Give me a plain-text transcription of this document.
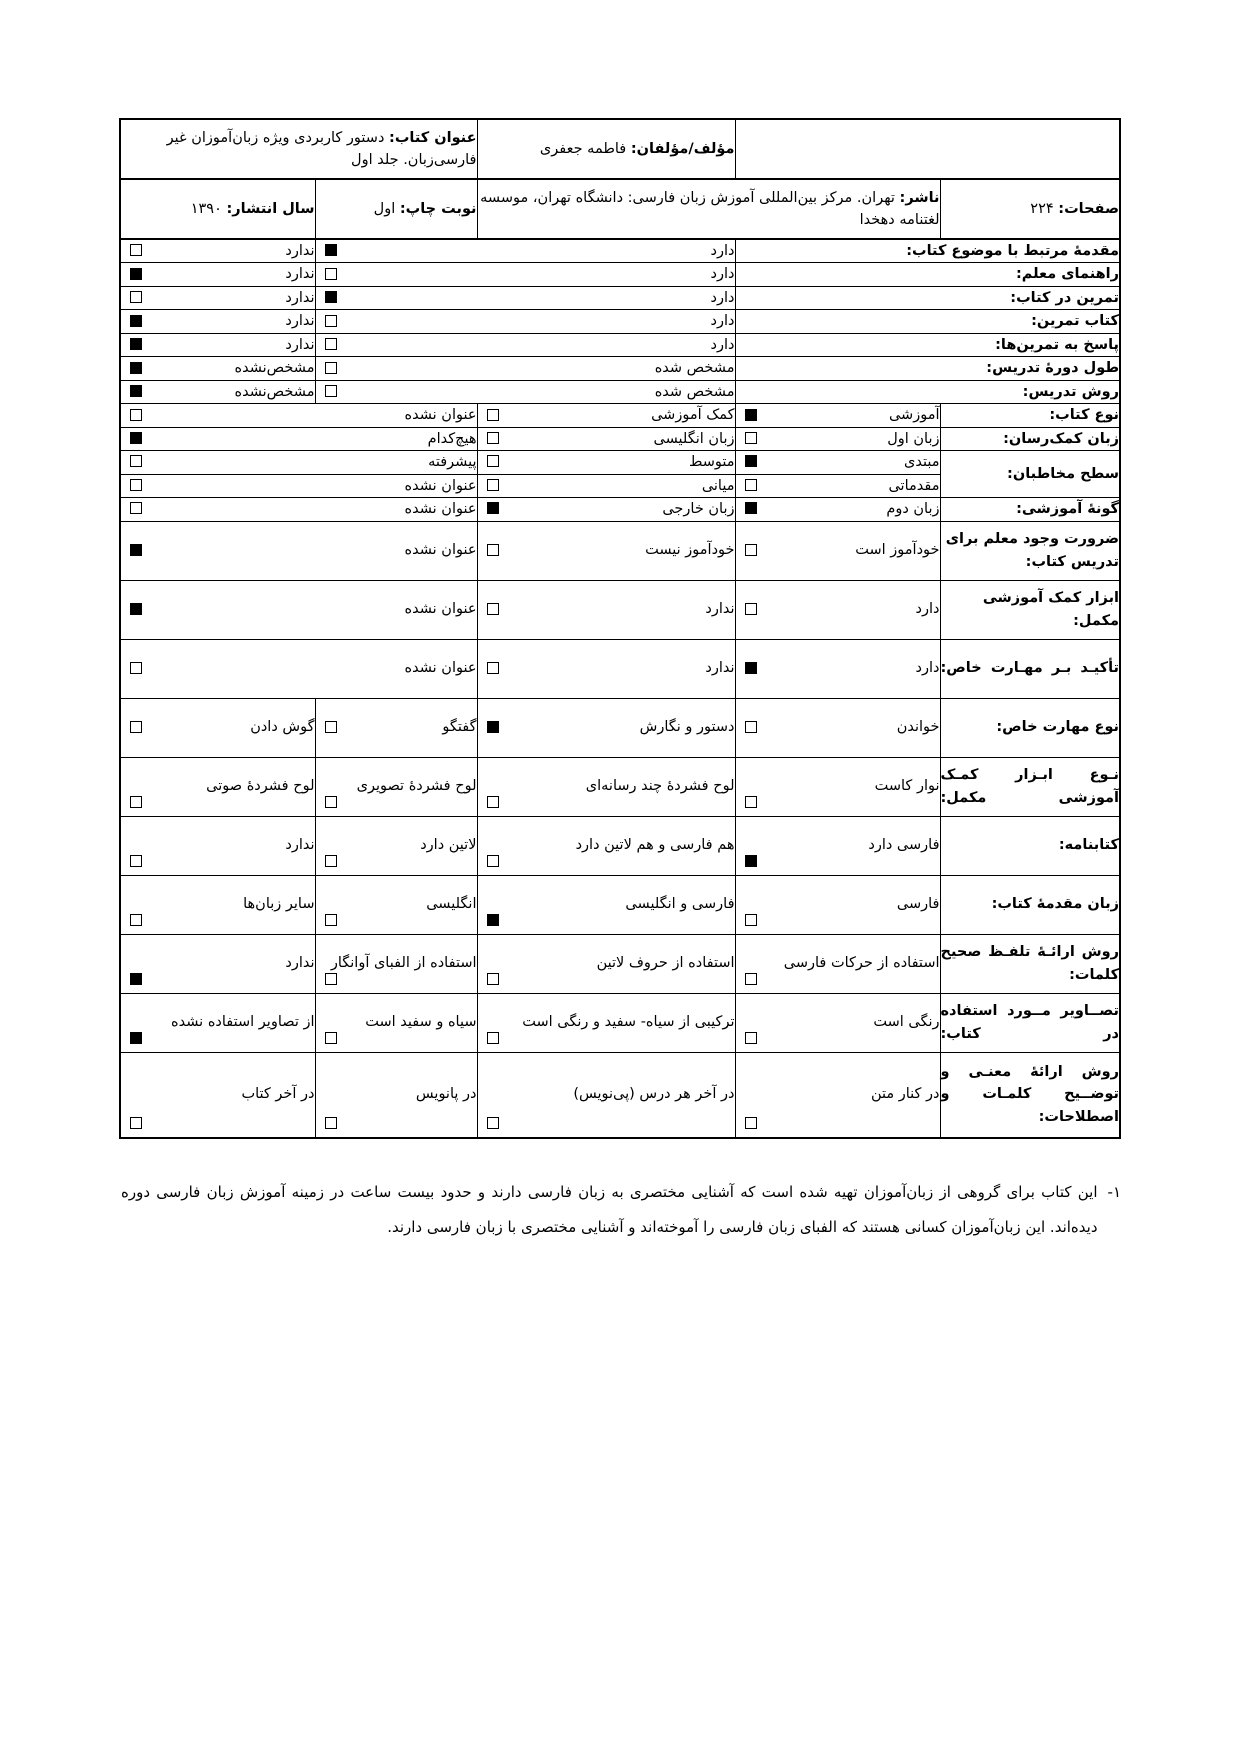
		مؤلف/مؤلفان: فاطمه جعفری	عنوان کتاب: دستور کاربردی ویژه زبان‌آموزان غیر فارسی‌زبان. جلد اول	
صفحات: ۲۲۴	ناشر: تهران. مرکز بین‌المللی آموزش زبان فارسی: دانشگاه تهران، موسسه لغتنامه دهخدا		نوبت چاپ: اول	سال انتشار: ۱۳۹۰
مقدمهٔ مرتبط با موضوع کتاب:		دارد		ندارد

راهنمای معلم:		دارد		ندارد

تمرین در کتاب:		دارد		ندارد

کتاب تمرین:		دارد		ندارد

پاسخ به تمرین‌ها:		دارد		ندارد

طول دورهٔ تدریس:		مشخص شده		مشخص‌نشده

روش تدریس:		مشخص شده		مشخص‌نشده

نوع کتاب:	آموزشی	کمک آموزشی	عنوان نشده	

زبان کمک‌رسان:	زبان اول	زبان انگلیسی	هیچ‌کدام	

سطح مخاطبان:	مبتدی	متوسط	پیشرفته	

	مقدماتی	میانی	عنوان نشده	

گونهٔ آموزشی:	زبان دوم	زبان خارجی	عنوان نشده	

ضرورت وجود معلم برای تدریس کتاب:	خودآموز است	خودآموز نیست	عنوان نشده	

ابزار کمک آموزشی مکمل:	دارد	ندارد	عنوان نشده	

تأکیـد بـر مهـارت خاص:	دارد	ندارد	عنوان نشده	

نوع مهارت خاص:	خواندن	دستور و نگارش	گفتگو	گوش دادن

نـوع ابـزار کمـک آموزشی مکمل:	نوار کاست	لوح فشردهٔ چند رسانه‌ای	لوح فشردهٔ تصویری	لوح فشردهٔ صوتی

کتابنامه:	فارسی دارد	هم فارسی و هم لاتین دارد	لاتین دارد	ندارد

زبان مقدمهٔ کتاب:	فارسی	فارسی و انگلیسی	انگلیسی	سایر زبان‌ها

روش ارائـهٔ تلفـظ صحیح کلمات:	استفاده از حرکات فارسی	استفاده از حروف لاتین	استفاده از الفبای آوانگار	ندارد

تصــاویر مــورد استفاده در کتاب:	رنگی است	ترکیبی از سیاه- سفید و رنگی است	سیاه و سفید است	از تصاویر استفاده نشده

روش ارائهٔ معنـی و توضــیح کلمـات و اصطلاحات:	در کنار متن	در آخر هر درس (پی‌نویس)	در پانویس	در آخر کتاب
۱-
این کتاب برای گروهی از زبان‌آموزان تهیه شده است که آشنایی مختصری به زبان فارسی دارند و حدود بیست ساعت در زمینه آموزش زبان فارسی دوره دیده‌اند. این زبان‌آموزان کسانی هستند که الفبای زبان فارسی را آموخته‌اند و آشنایی مختصری با زبان فارسی دارند.
